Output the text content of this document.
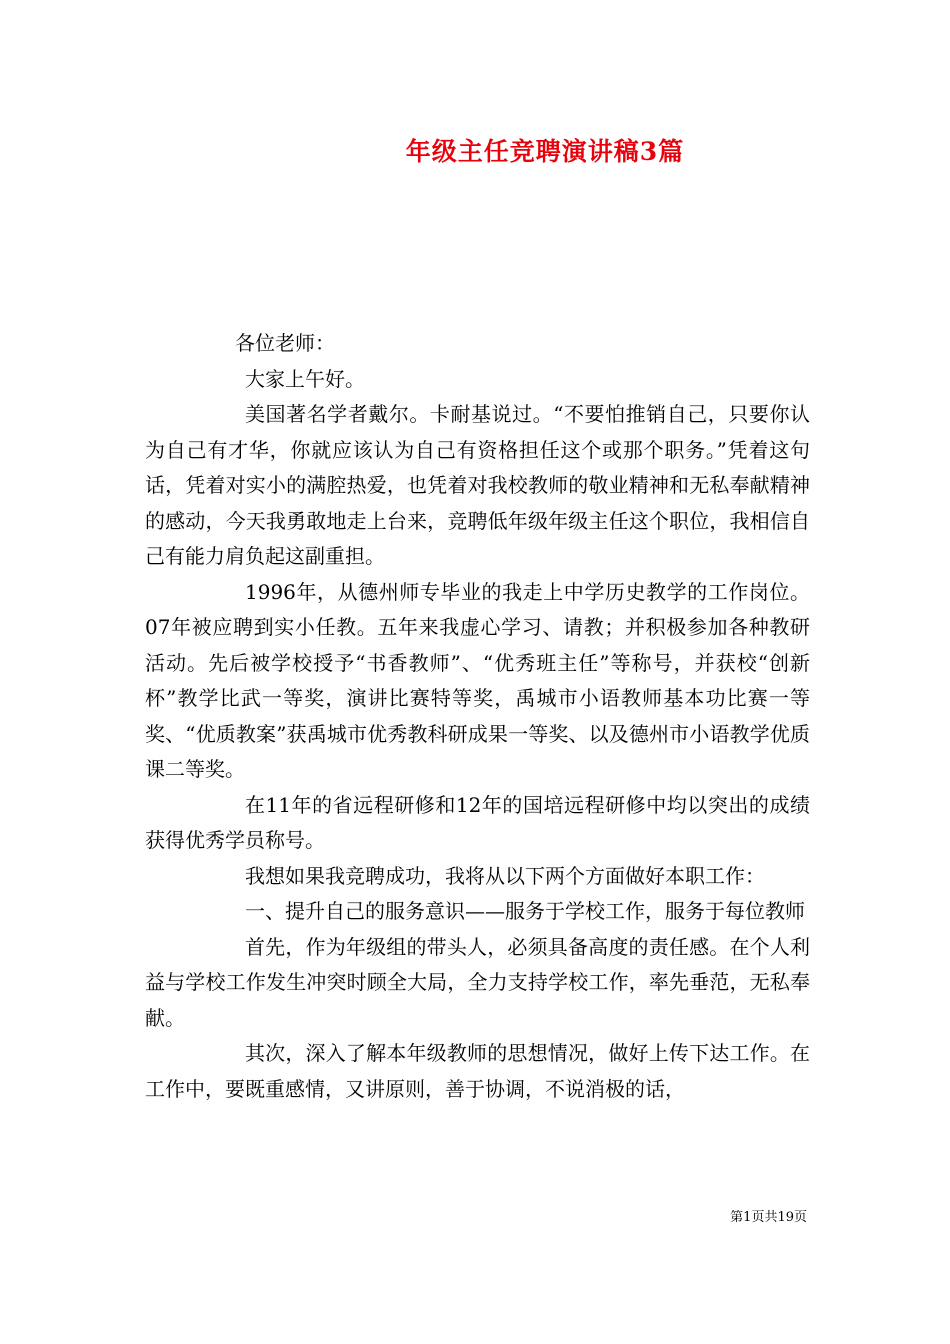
年级主任竞聘演讲稿3篇

各位老师：

大家上午好。

美国著名学者戴尔。卡耐基说过。“不要怕推销自己，只要你认为自己有才华，你就应该认为自己有资格担任这个或那个职务。”凭着这句话，凭着对实小的满腔热爱，也凭着对我校教师的敬业精神和无私奉献精神的感动，今天我勇敢地走上台来，竞聘低年级年级主任这个职位，我相信自己有能力肩负起这副重担。

1996年，从德州师专毕业的我走上中学历史教学的工作岗位。07年被应聘到实小任教。五年来我虚心学习、请教；并积极参加各种教研活动。先后被学校授予“书香教师”、“优秀班主任”等称号，并获校“创新杯”教学比武一等奖，演讲比赛特等奖，禹城市小语教师基本功比赛一等奖、“优质教案”获禹城市优秀教科研成果一等奖、以及德州市小语教学优质课二等奖。

在11年的省远程研修和12年的国培远程研修中均以突出的成绩获得优秀学员称号。

我想如果我竞聘成功，我将从以下两个方面做好本职工作：

一、提升自己的服务意识——服务于学校工作，服务于每位教师

首先，作为年级组的带头人，必须具备高度的责任感。在个人利益与学校工作发生冲突时顾全大局，全力支持学校工作，率先垂范，无私奉献。

其次，深入了解本年级教师的思想情况，做好上传下达工作。在工作中，要既重感情，又讲原则，善于协调，不说消极的话，

第1页共19页
